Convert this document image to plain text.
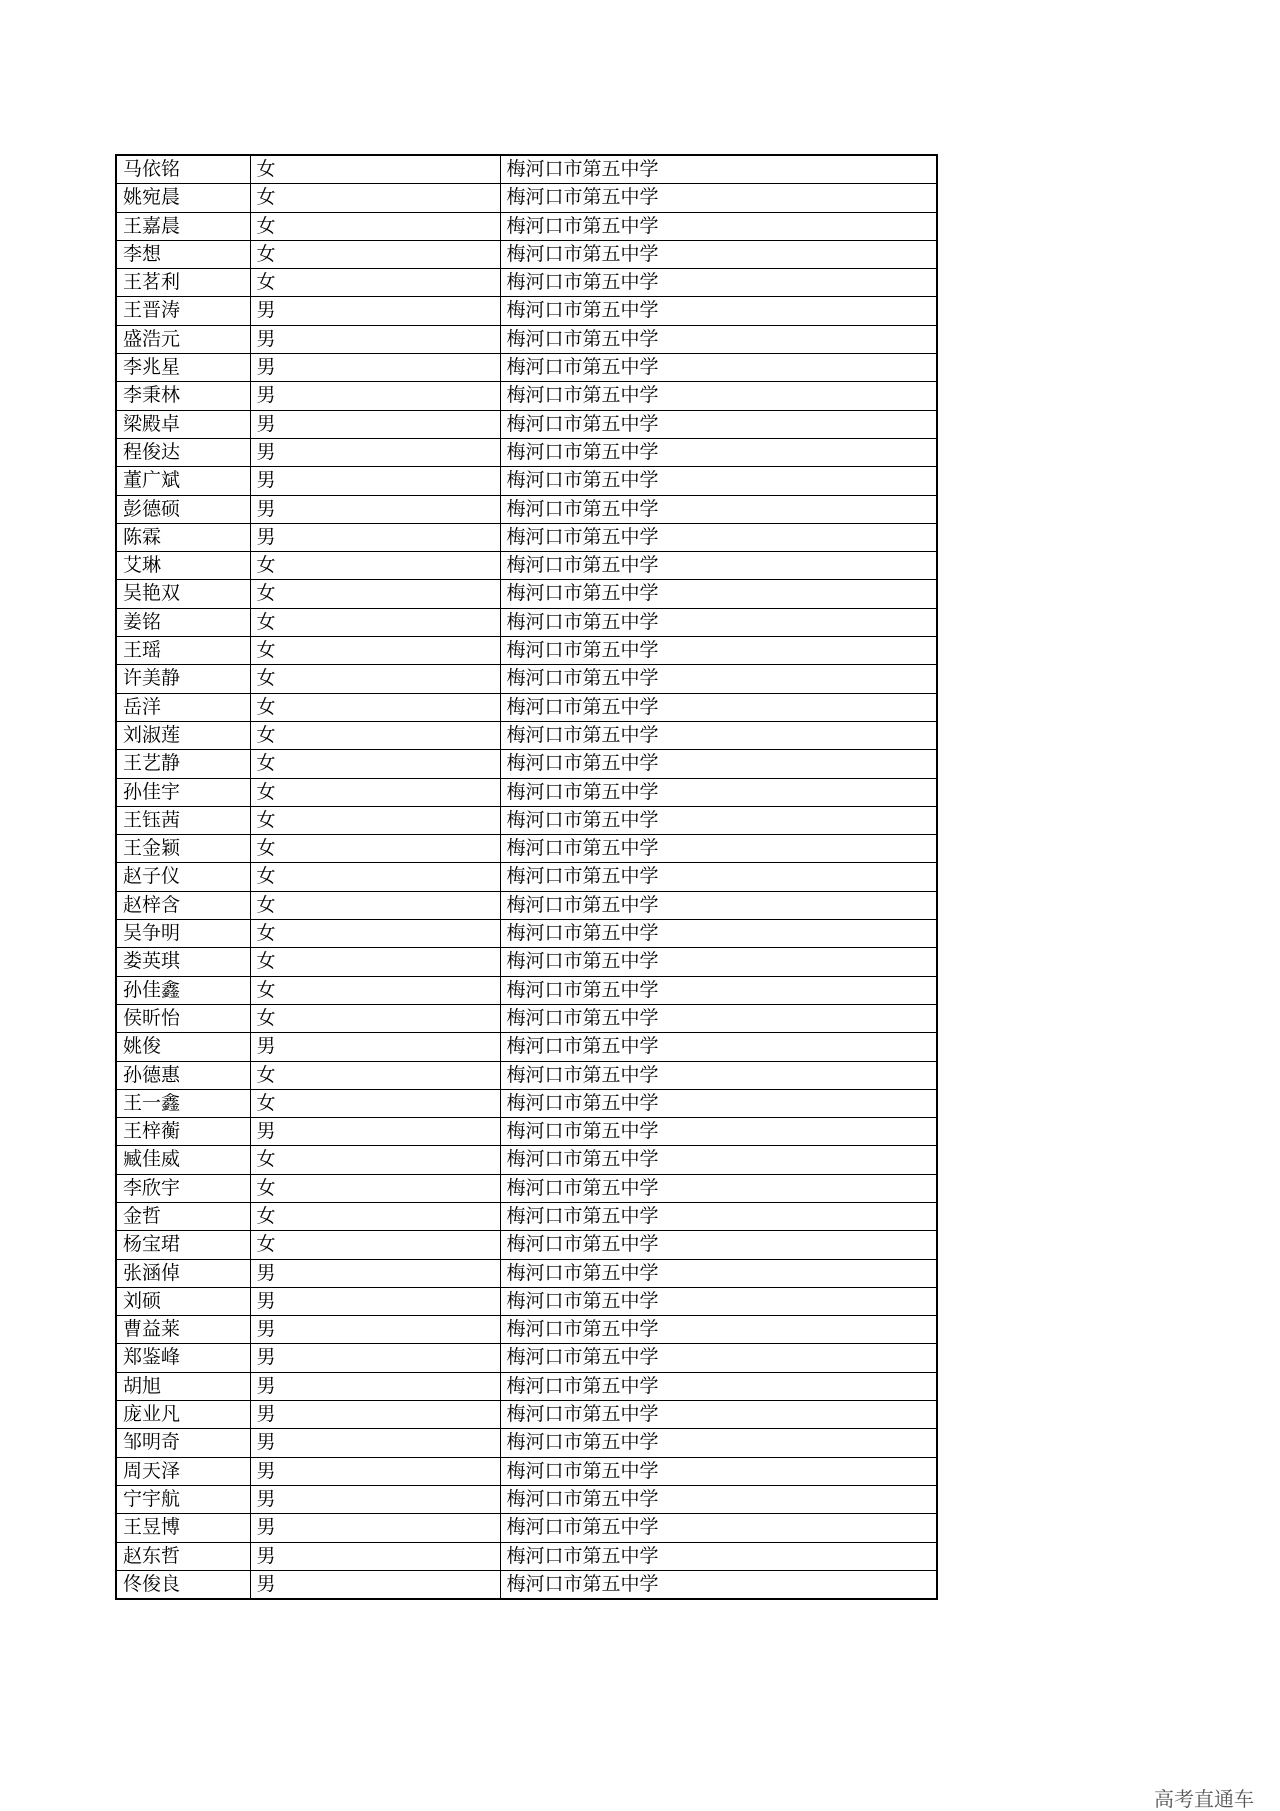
马依铭	女	梅河口市第五中学
姚宛晨	女	梅河口市第五中学
王嘉晨	女	梅河口市第五中学
李想	女	梅河口市第五中学
王茗利	女	梅河口市第五中学
王晋涛	男	梅河口市第五中学
盛浩元	男	梅河口市第五中学
李兆星	男	梅河口市第五中学
李秉林	男	梅河口市第五中学
梁殿卓	男	梅河口市第五中学
程俊达	男	梅河口市第五中学
董广斌	男	梅河口市第五中学
彭德硕	男	梅河口市第五中学
陈霖	男	梅河口市第五中学
艾琳	女	梅河口市第五中学
吴艳双	女	梅河口市第五中学
姜铭	女	梅河口市第五中学
王瑶	女	梅河口市第五中学
许美静	女	梅河口市第五中学
岳洋	女	梅河口市第五中学
刘淑莲	女	梅河口市第五中学
王艺静	女	梅河口市第五中学
孙佳宇	女	梅河口市第五中学
王钰茜	女	梅河口市第五中学
王金颖	女	梅河口市第五中学
赵子仪	女	梅河口市第五中学
赵梓含	女	梅河口市第五中学
吴争明	女	梅河口市第五中学
娄英琪	女	梅河口市第五中学
孙佳鑫	女	梅河口市第五中学
侯昕怡	女	梅河口市第五中学
姚俊	男	梅河口市第五中学
孙德惠	女	梅河口市第五中学
王一鑫	女	梅河口市第五中学
王梓蘅	男	梅河口市第五中学
臧佳威	女	梅河口市第五中学
李欣宇	女	梅河口市第五中学
金哲	女	梅河口市第五中学
杨宝珺	女	梅河口市第五中学
张涵倬	男	梅河口市第五中学
刘硕	男	梅河口市第五中学
曹益莱	男	梅河口市第五中学
郑鉴峰	男	梅河口市第五中学
胡旭	男	梅河口市第五中学
庞业凡	男	梅河口市第五中学
邹明奇	男	梅河口市第五中学
周天泽	男	梅河口市第五中学
宁宇航	男	梅河口市第五中学
王昱博	男	梅河口市第五中学
赵东哲	男	梅河口市第五中学
佟俊良	男	梅河口市第五中学
高考直通车
